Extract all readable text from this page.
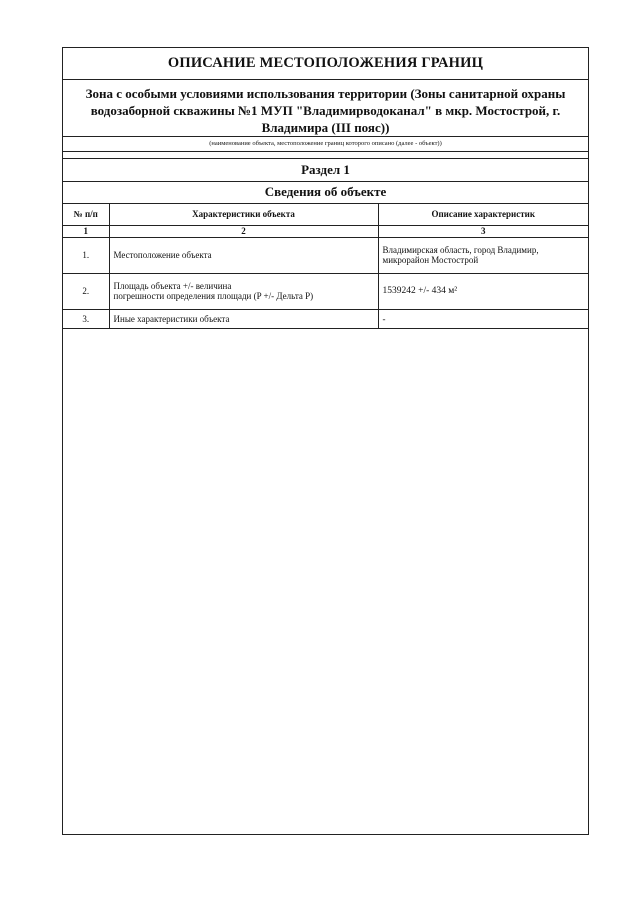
ОПИСАНИЕ МЕСТОПОЛОЖЕНИЯ ГРАНИЦ
Зона с особыми условиями использования территории (Зоны санитарной охраны водозаборной скважины №1 МУП "Владимирводоканал" в мкр. Мостострой, г. Владимира (III пояс))
(наименование объекта, местоположение границ которого описано (далее - объект))
Раздел 1
Сведения об объекте
№ п/п	Характеристики объекта	Описание характеристик
1	2	3
1.	Местоположение объекта	Владимирская область, город Владимир,
микрорайон Мостострой

2.	Площадь объекта +/- величина
погрешности определения площади (P +/- Дельта P)	1539242 +/- 434 м²
3.	Иные характеристики объекта	-
